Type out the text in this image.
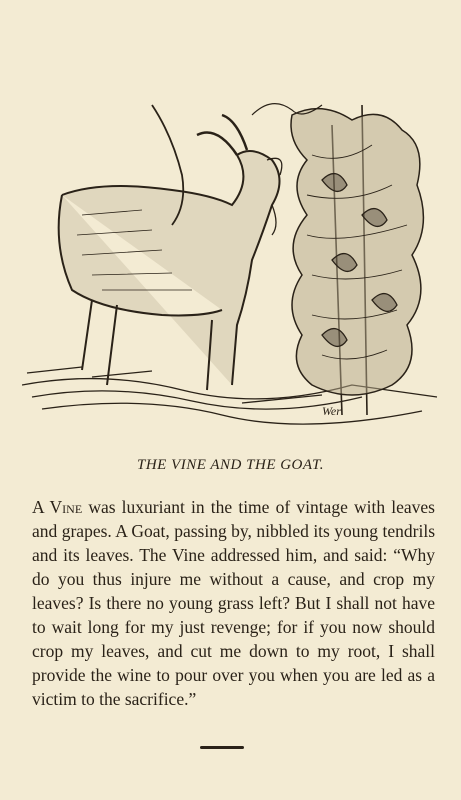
Wer
THE VINE AND THE GOAT.

A Vine was luxuriant in the time of vintage with leaves and grapes. A Goat, passing by, nibbled its young tendrils and its leaves. The Vine addressed him, and said: “Why do you thus injure me without a cause, and crop my leaves? Is there no young grass left? But I shall not have to wait long for my just revenge; for if you now should crop my leaves, and cut me down to my root, I shall provide the wine to pour over you when you are led as a victim to the sacrifice.”
